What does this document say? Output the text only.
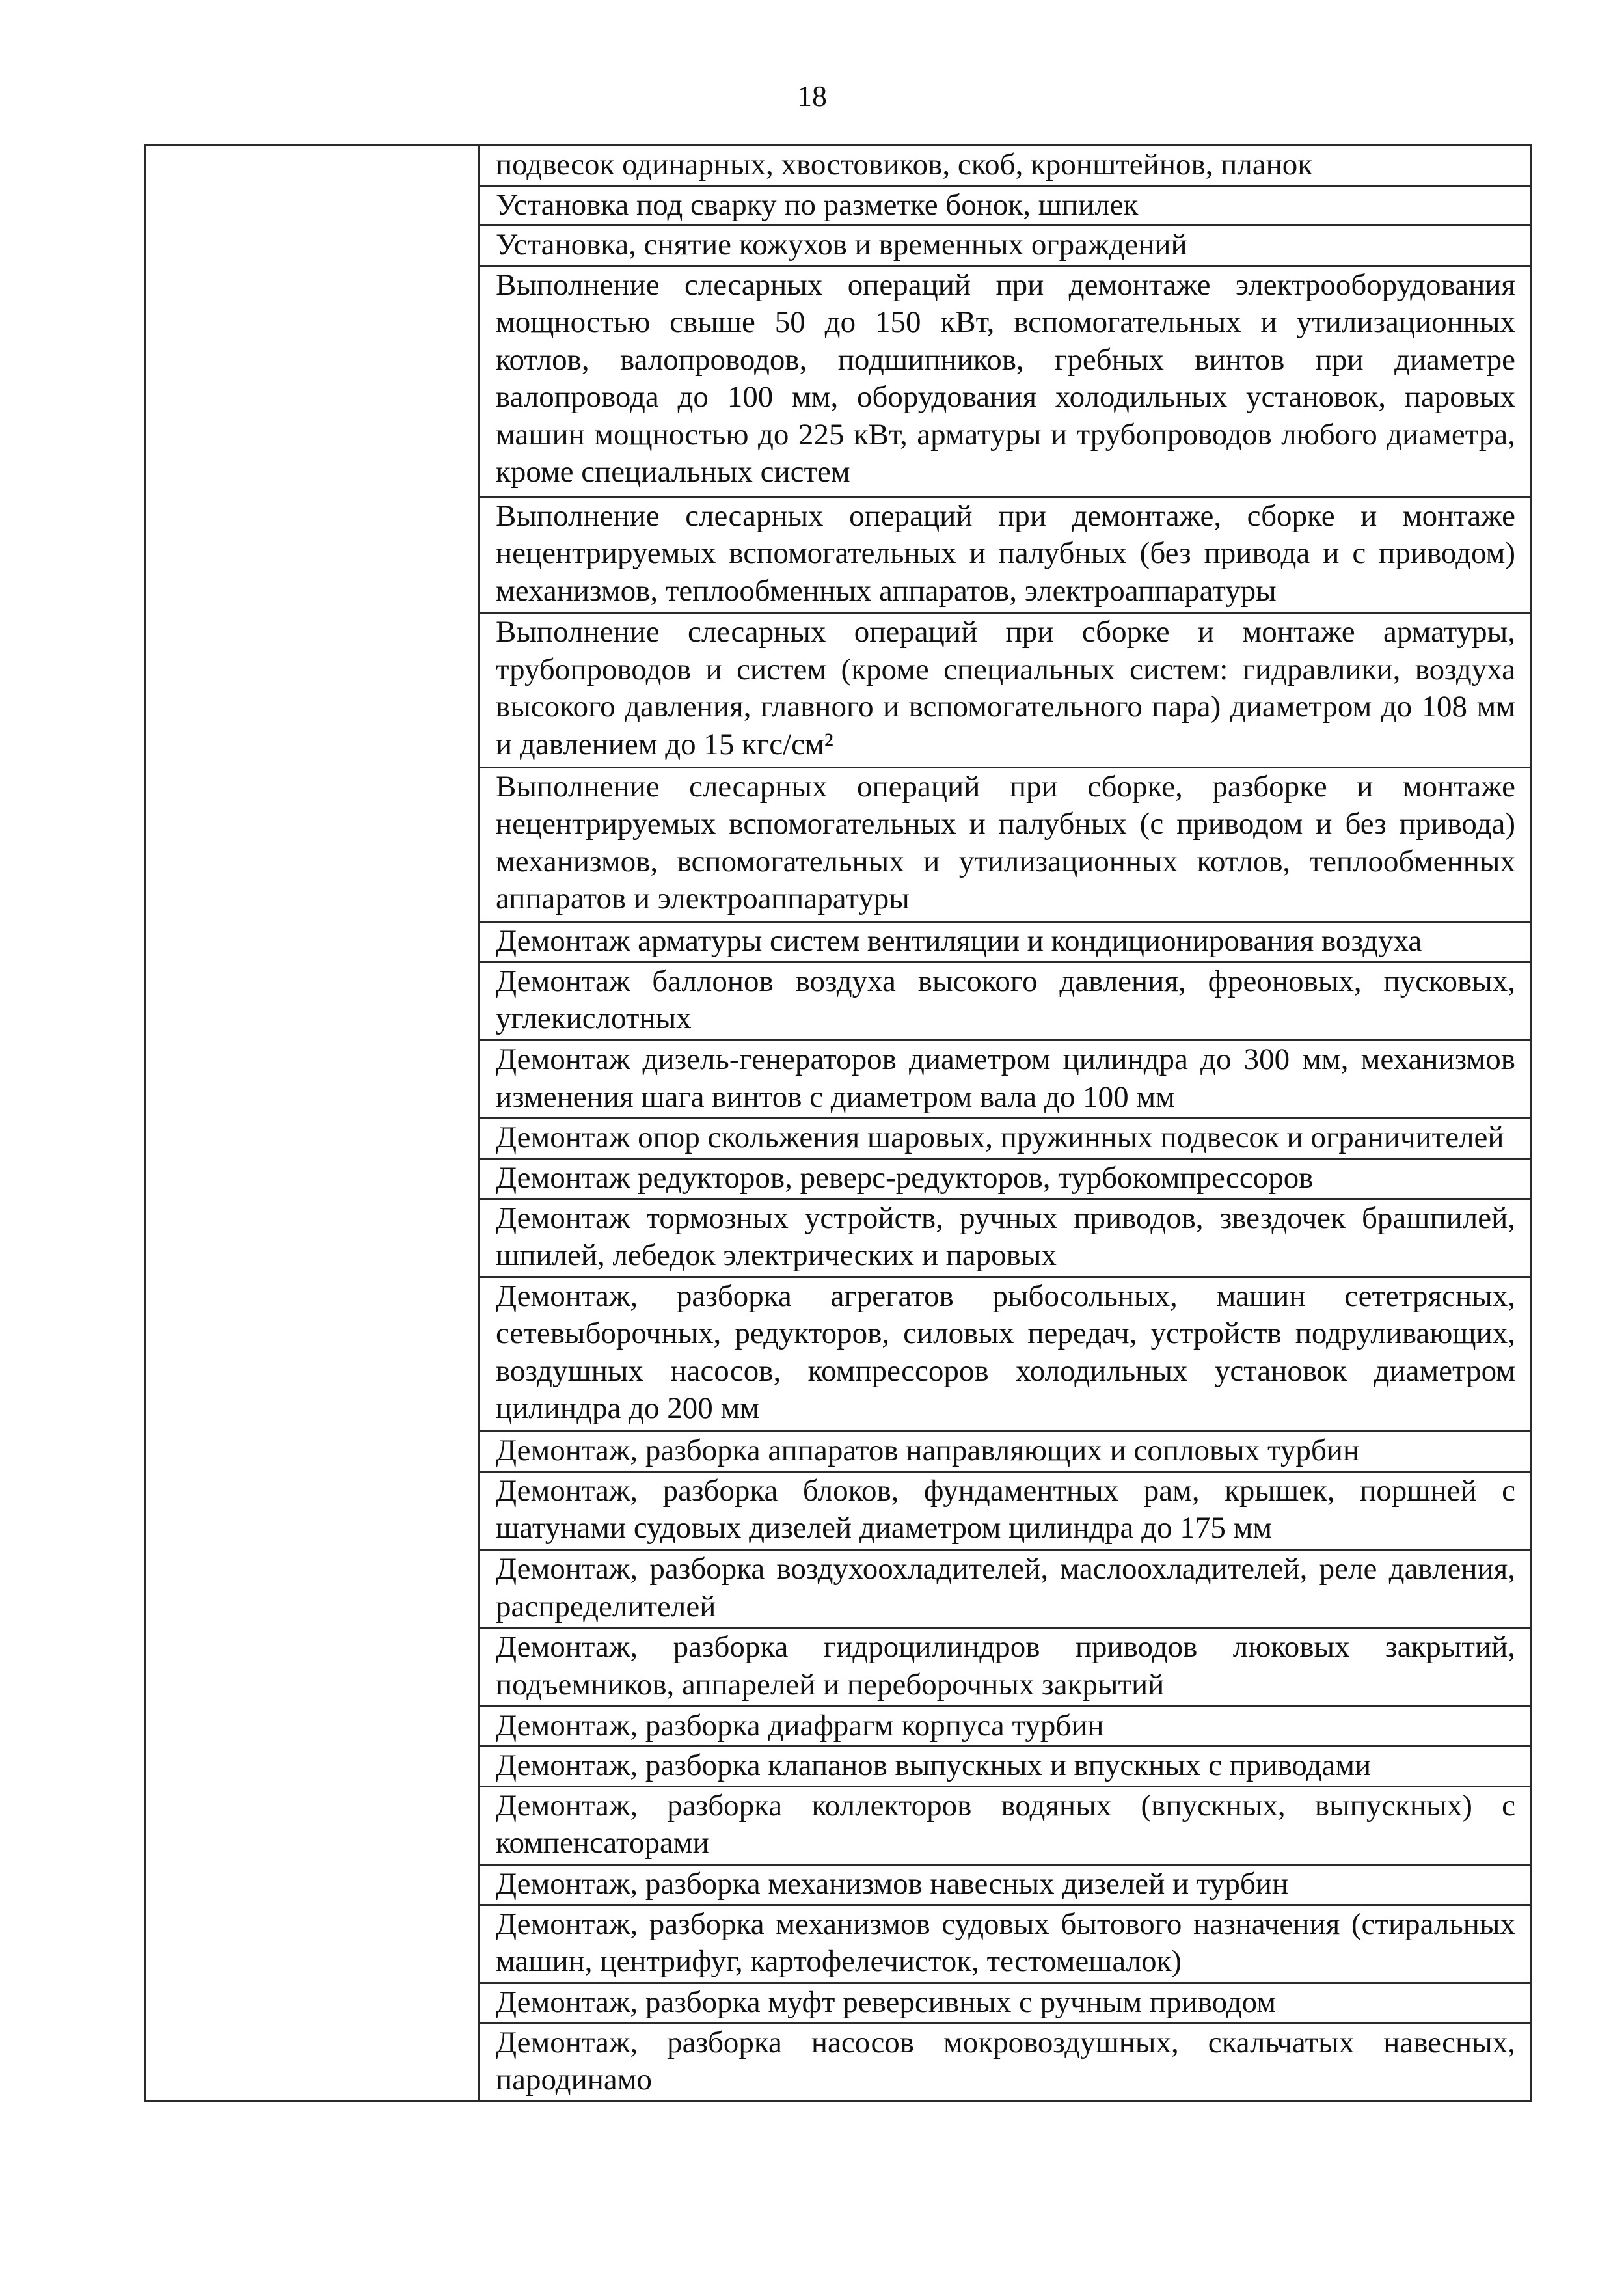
18
	подвесок одинарных, хвостовиков, скоб, кронштейнов, планок
Установка под сварку по разметке бонок, шпилек
Установка, снятие кожухов и временных ограждений
Выполнение слесарных операций при демонтаже электрооборудования мощностью свыше 50 до 150 кВт, вспомогательных и утилизационных котлов, валопроводов, подшипников, гребных винтов при диаметре валопровода до 100 мм, оборудования холодильных установок, паровых машин мощностью до 225 кВт, арматуры и трубопроводов любого диаметра, кроме специальных систем
Выполнение слесарных операций при демонтаже, сборке и монтаже нецентрируемых вспомогательных и палубных (без привода и с приводом) механизмов, теплообменных аппаратов, электроаппаратуры
Выполнение слесарных операций при сборке и монтаже арматуры, трубопроводов и систем (кроме специальных систем: гидравлики, воздуха высокого давления, главного и вспомогательного пара) диаметром до 108 мм и давлением до 15 кгс/см²
Выполнение слесарных операций при сборке, разборке и монтаже нецентрируемых вспомогательных и палубных (с приводом и без привода) механизмов, вспомогательных и утилизационных котлов, теплообменных аппаратов и электроаппаратуры
Демонтаж арматуры систем вентиляции и кондиционирования воздуха
Демонтаж баллонов воздуха высокого давления, фреоновых, пусковых, углекислотных
Демонтаж дизель-генераторов диаметром цилиндра до 300 мм, механизмов изменения шага винтов с диаметром вала до 100 мм
Демонтаж опор скольжения шаровых, пружинных подвесок и ограничителей
Демонтаж редукторов, реверс-редукторов, турбокомпрессоров
Демонтаж тормозных устройств, ручных приводов, звездочек брашпилей, шпилей, лебедок электрических и паровых
Демонтаж, разборка агрегатов рыбосольных, машин сететрясных, сетевыборочных, редукторов, силовых передач, устройств подруливающих, воздушных насосов, компрессоров холодильных установок диаметром цилиндра до 200 мм
Демонтаж, разборка аппаратов направляющих и сопловых турбин
Демонтаж, разборка блоков, фундаментных рам, крышек, поршней с шатунами судовых дизелей диаметром цилиндра до 175 мм
Демонтаж, разборка воздухоохладителей, маслоохладителей, реле давления, распределителей
Демонтаж, разборка гидроцилиндров приводов люковых закрытий, подъемников, аппарелей и переборочных закрытий
Демонтаж, разборка диафрагм корпуса турбин
Демонтаж, разборка клапанов выпускных и впускных с приводами
Демонтаж, разборка коллекторов водяных (впускных, выпускных) с компенсаторами
Демонтаж, разборка механизмов навесных дизелей и турбин
Демонтаж, разборка механизмов судовых бытового назначения (стиральных машин, центрифуг, картофелечисток, тестомешалок)
Демонтаж, разборка муфт реверсивных с ручным приводом
Демонтаж, разборка насосов мокровоздушных, скальчатых навесных, пародинамо
